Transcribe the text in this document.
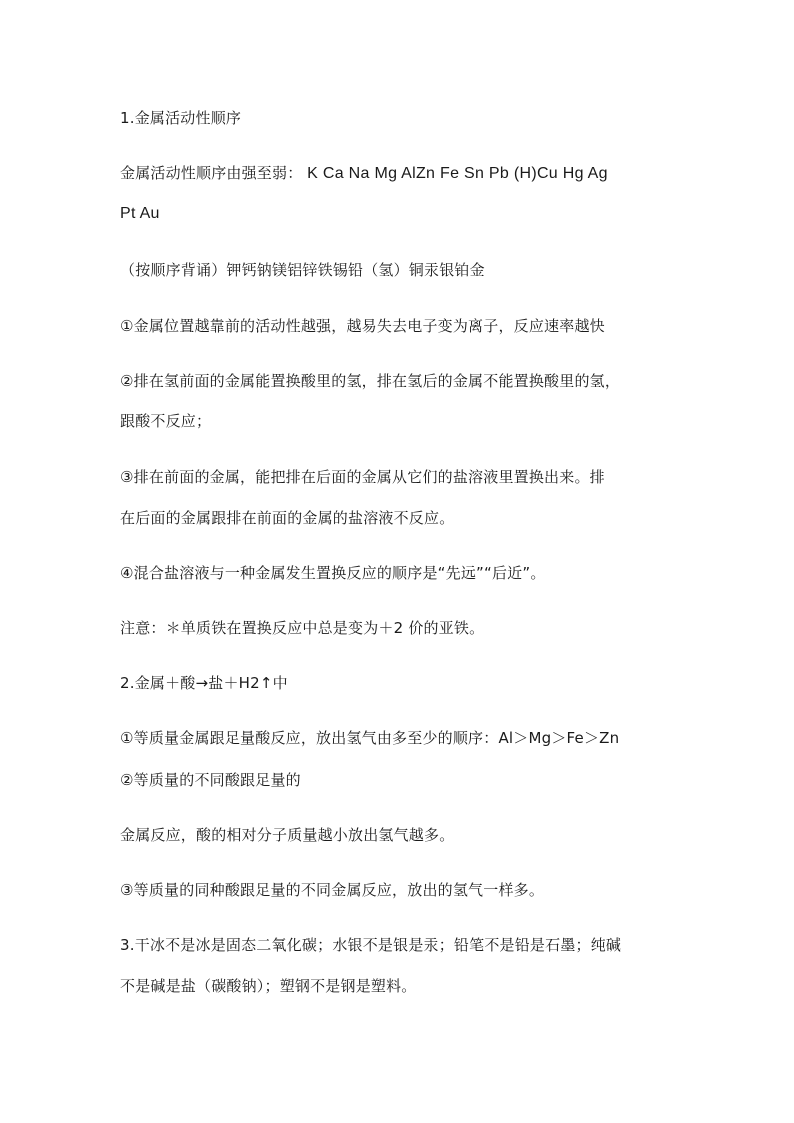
1.金属活动性顺序
金属活动性顺序由强至弱： K Ca Na Mg AlZn Fe Sn Pb (H)Cu Hg Ag
Pt Au
（按顺序背诵）钾钙钠镁铝锌铁锡铅（氢）铜汞银铂金
①金属位置越靠前的活动性越强，越易失去电子变为离子，反应速率越快
②排在氢前面的金属能置换酸里的氢，排在氢后的金属不能置换酸里的氢，
跟酸不反应；
③排在前面的金属，能把排在后面的金属从它们的盐溶液里置换出来。排
在后面的金属跟排在前面的金属的盐溶液不反应。
④混合盐溶液与一种金属发生置换反应的顺序是“先远”“后近”。
注意：＊单质铁在置换反应中总是变为＋2 价的亚铁。
2.金属＋酸→盐＋H2↑中
①等质量金属跟足量酸反应，放出氢气由多至少的顺序：Al＞Mg＞Fe＞Zn
②等质量的不同酸跟足量的
金属反应，酸的相对分子质量越小放出氢气越多。
③等质量的同种酸跟足量的不同金属反应，放出的氢气一样多。
3.干冰不是冰是固态二氧化碳；水银不是银是汞；铅笔不是铅是石墨；纯碱
不是碱是盐（碳酸钠）；塑钢不是钢是塑料。
